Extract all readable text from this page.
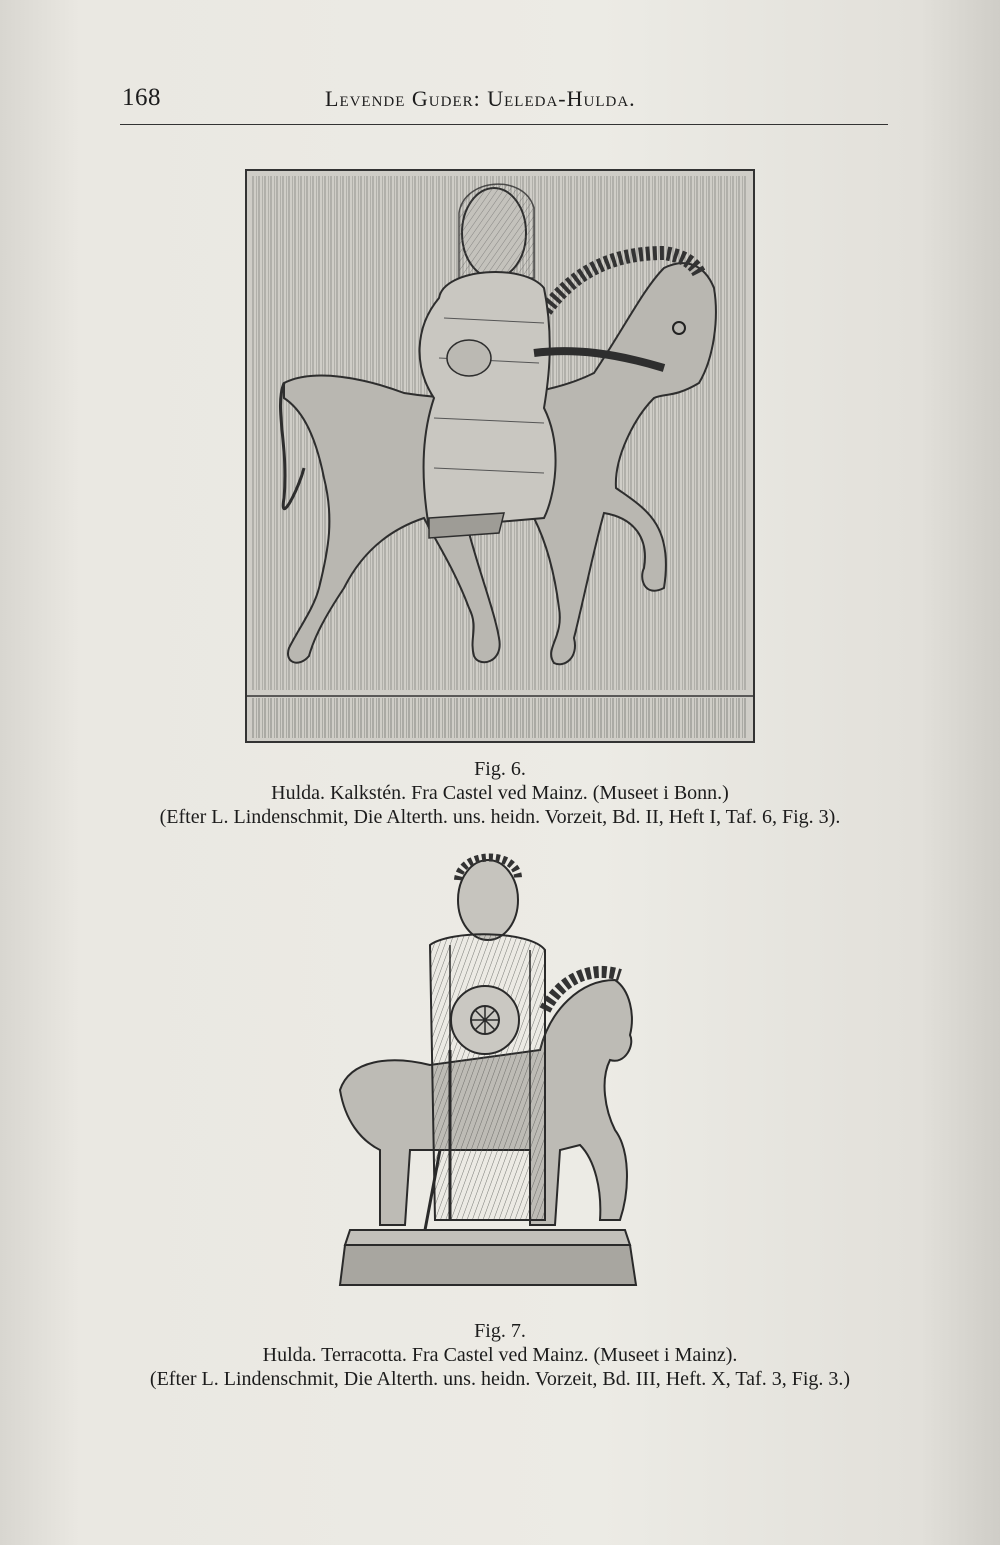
168	Levende Guder: Ueleda-Hulda.
Fig. 6.
Hulda. Kalkstén. Fra Castel ved Mainz. (Museet i Bonn.)
(Efter L. Lindenschmit, Die Alterth. uns. heidn. Vorzeit, Bd. II, Heft I, Taf. 6, Fig. 3).
Fig. 7.
Hulda. Terracotta. Fra Castel ved Mainz. (Museet i Mainz).
(Efter L. Lindenschmit, Die Alterth. uns. heidn. Vorzeit, Bd. III, Heft. X, Taf. 3, Fig. 3.)
